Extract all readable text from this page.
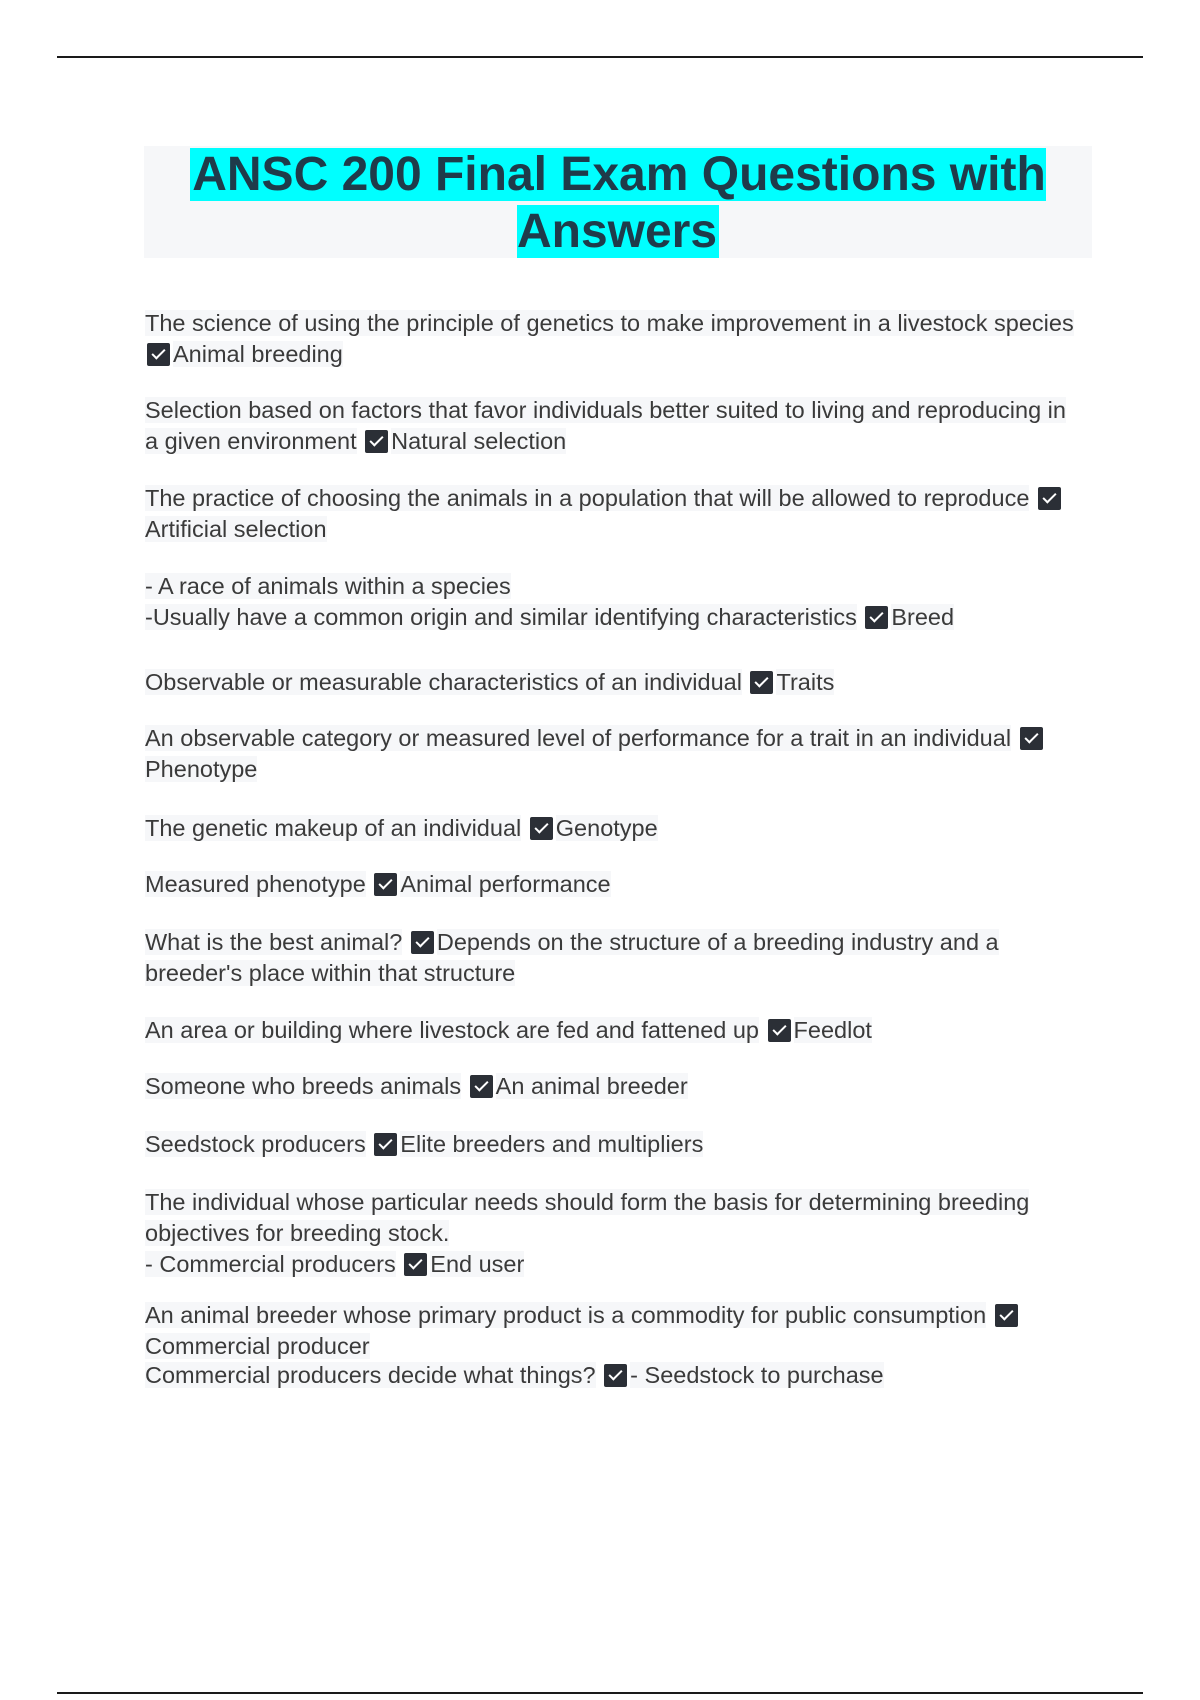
ANSC 200 Final Exam Questions with Answers

The science of using the principle of genetics to make improvement in a livestock species Animal breeding

Selection based on factors that favor individuals better suited to living and reproducing in a given environment Natural selection

The practice of choosing the animals in a population that will be allowed to reproduce Artificial selection

- A race of animals within a species
-Usually have a common origin and similar identifying characteristics Breed

Observable or measurable characteristics of an individual Traits

An observable category or measured level of performance for a trait in an individual Phenotype

The genetic makeup of an individual Genotype

Measured phenotype Animal performance

What is the best animal? Depends on the structure of a breeding industry and a breeder's place within that structure

An area or building where livestock are fed and fattened up Feedlot

Someone who breeds animals An animal breeder

Seedstock producers Elite breeders and multipliers

The individual whose particular needs should form the basis for determining breeding objectives for breeding stock.
- Commercial producers End user

An animal breeder whose primary product is a commodity for public consumption Commercial producer

Commercial producers decide what things? - Seedstock to purchase
